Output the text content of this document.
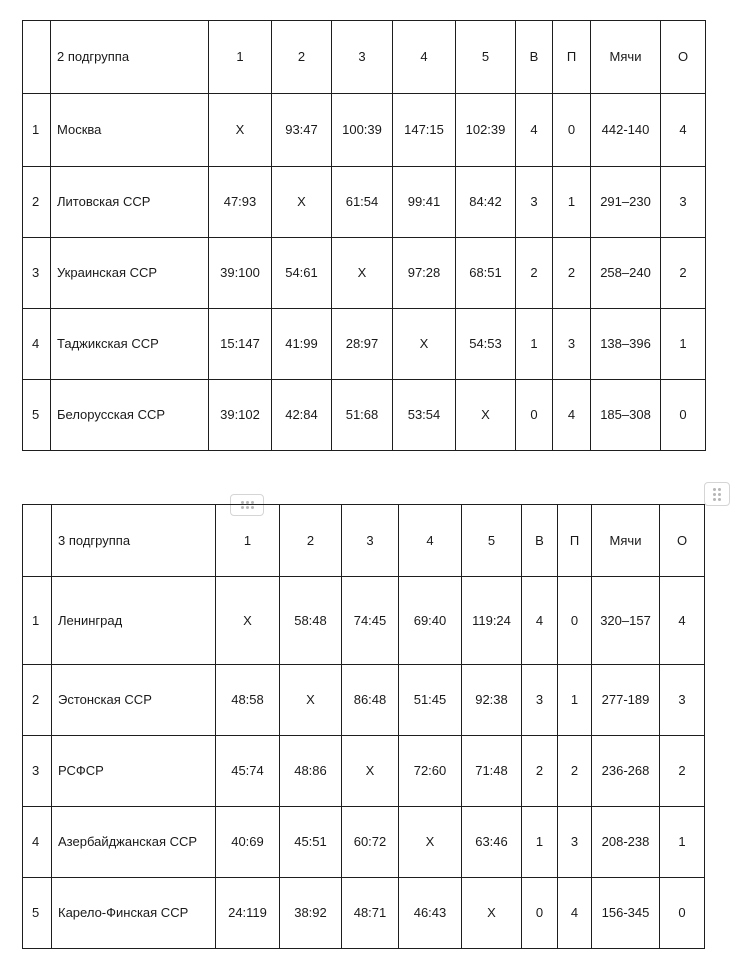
	2 подгруппа	1	2	3	4	5	В	П	Мячи	О
1	Москва	X	93:47	100:39	147:15	102:39	4	0	442-140	4
2	Литовская ССР	47:93	X	61:54	99:41	84:42	3	1	291–230	3
3	Украинская ССР	39:100	54:61	X	97:28	68:51	2	2	258–240	2
4	Таджикская ССР	15:147	41:99	28:97	X	54:53	1	3	138–396	1
5	Белорусская ССР	39:102	42:84	51:68	53:54	X	0	4	185–308	0
	3 подгруппа	1	2	3	4	5	В	П	Мячи	О
1	Ленинград	X	58:48	74:45	69:40	119:24	4	0	320–157	4
2	Эстонская ССР	48:58	X	86:48	51:45	92:38	3	1	277-189	3
3	РСФСР	45:74	48:86	X	72:60	71:48	2	2	236-268	2
4	Азербайджанская ССР	40:69	45:51	60:72	X	63:46	1	3	208-238	1
5	Карело-Финская ССР	24:119	38:92	48:71	46:43	X	0	4	156-345	0
